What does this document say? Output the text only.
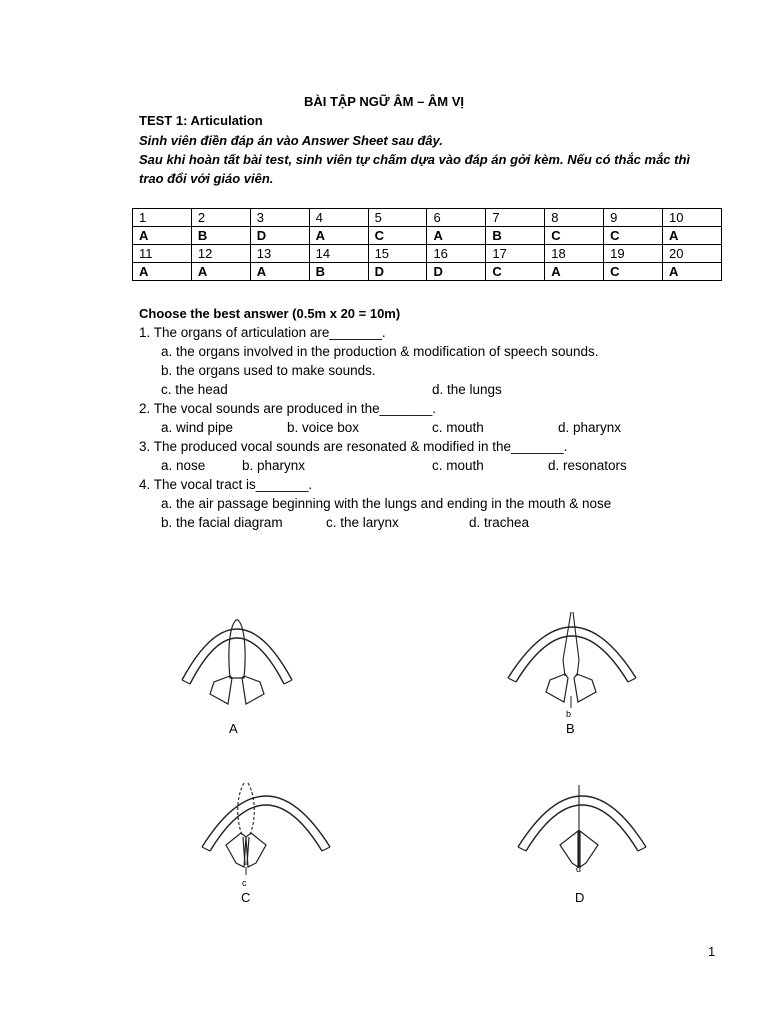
BÀI TẬP NGỮ ÂM – ÂM VỊ
TEST 1: Articulation
Sinh viên điền đáp án vào Answer Sheet sau đây.
Sau khi hoàn tất bài test, sinh viên tự chấm dựa vào đáp án gởi kèm. Nếu có thắc mắc thì
trao đổi với giáo viên.
1	2	3	4	5	6	7	8	9	10
A	B	D	A	C	A	B	C	C	A
11	12	13	14	15	16	17	18	19	20
A	A	A	B	D	D	C	A	C	A
Choose the best answer (0.5m x 20 = 10m)
1. The organs of articulation are_______.
a. the organs involved in the production & modification of speech sounds.
b. the organs used to make sounds.
c. the head	d. the lungs
2. The vocal sounds are produced in the_______.
a. wind pipe	b. voice box	c. mouth	d. pharynx
3. The produced vocal sounds are resonated & modified in the_______.
a. nose	b. pharynx	c. mouth	d. resonators
4. The vocal tract is_______.
a. the air passage beginning with the lungs and ending in the mouth & nose
b. the facial diagram	c. the larynx	d. trachea
A
b
B
c
C
d
D
1
